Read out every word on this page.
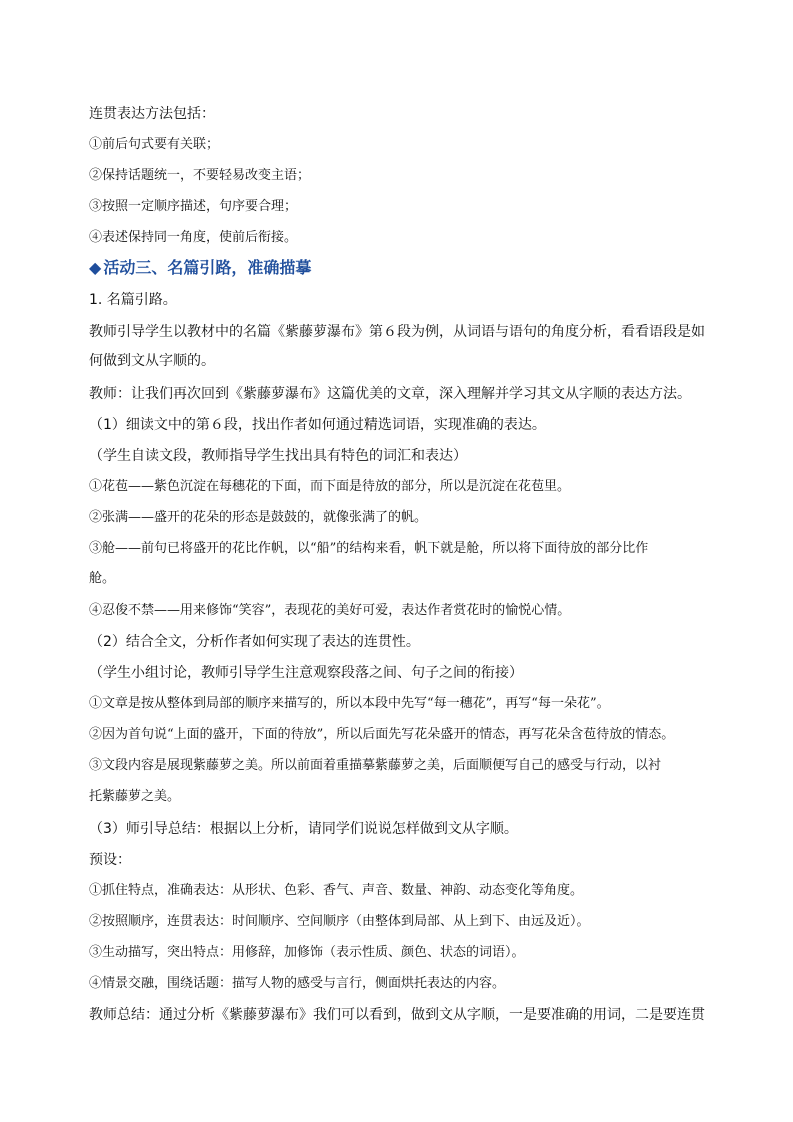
连贯表达方法包括：
①前后句式要有关联；
②保持话题统一，不要轻易改变主语；
③按照一定顺序描述，句序要合理；
④表述保持同一角度，使前后衔接。
◆ 活动三、名篇引路，准确描摹
1. 名篇引路。
教师引导学生以教材中的名篇《紫藤萝瀑布》第６段为例，从词语与语句的角度分析，看看语段是如
何做到文从字顺的。
教师：让我们再次回到《紫藤萝瀑布》这篇优美的文章，深入理解并学习其文从字顺的表达方法。
（1）细读文中的第６段，找出作者如何通过精选词语，实现准确的表达。
（学生自读文段，教师指导学生找出具有特色的词汇和表达）
①花苞——紫色沉淀在每穗花的下面，而下面是待放的部分，所以是沉淀在花苞里。
②张满——盛开的花朵的形态是鼓鼓的，就像张满了的帆。
③舱——前句已将盛开的花比作帆，以“船”的结构来看，帆下就是舱，所以将下面待放的部分比作
舱。
④忍俊不禁——用来修饰“笑容”，表现花的美好可爱，表达作者赏花时的愉悦心情。
（2）结合全文，分析作者如何实现了表达的连贯性。
（学生小组讨论，教师引导学生注意观察段落之间、句子之间的衔接）
①文章是按从整体到局部的顺序来描写的，所以本段中先写“每一穗花”，再写“每一朵花”。
②因为首句说“上面的盛开，下面的待放”，所以后面先写花朵盛开的情态，再写花朵含苞待放的情态。
③文段内容是展现紫藤萝之美。所以前面着重描摹紫藤萝之美，后面顺便写自己的感受与行动，以衬
托紫藤萝之美。
（3）师引导总结：根据以上分析，请同学们说说怎样做到文从字顺。
预设：
①抓住特点，准确表达：从形状、色彩、香气、声音、数量、神韵、动态变化等角度。
②按照顺序，连贯表达：时间顺序、空间顺序（由整体到局部、从上到下、由远及近）。
③生动描写，突出特点：用修辞，加修饰（表示性质、颜色、状态的词语）。
④情景交融，围绕话题：描写人物的感受与言行，侧面烘托表达的内容。
教师总结：通过分析《紫藤萝瀑布》我们可以看到，做到文从字顺，一是要准确的用词，二是要连贯
